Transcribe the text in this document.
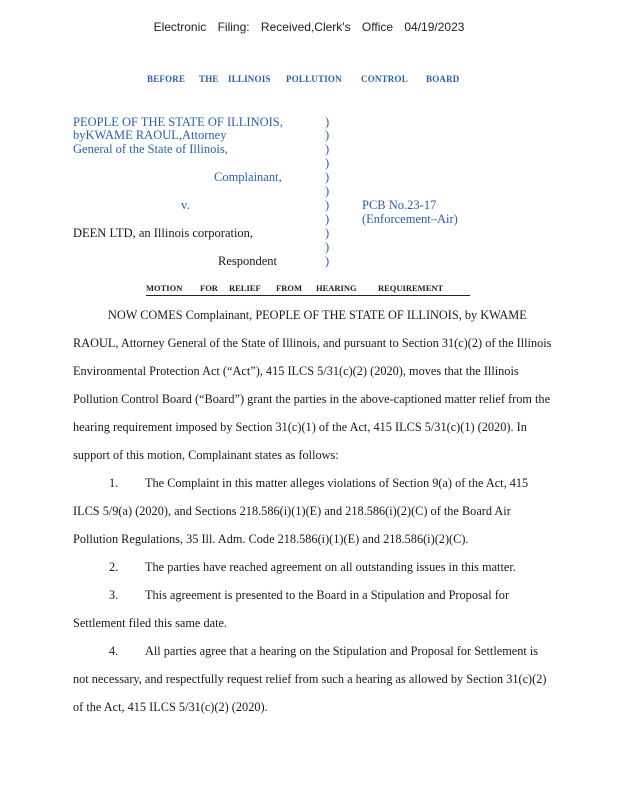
Electronic Filing: Received,Clerk's Office 04/19/2023
BEFORE THE ILLINOIS POLLUTION CONTROL BOARD
PEOPLE OF THE STATE OF ILLINOIS,
byKWAME RAOUL,Attorney
General of the State of Illinois,
Complainant,
v.
DEEN LTD, an Illinois corporation,
Respondent
)
)
)
)
)
)
)
)
)
)
)
PCB No.23-17
(Enforcement–Air)
MOTION FOR RELIEF FROM HEARING	REQUIREMENT
NOW COMES Complainant, PEOPLE OF THE STATE OF ILLINOIS, by KWAME
RAOUL, Attorney General of the State of Illinois, and pursuant to Section 31(c)(2) of the Illinois
Environmental Protection Act (“Act”), 415 ILCS 5/31(c)(2) (2020), moves that the Illinois
Pollution Control Board (“Board”) grant the parties in the above-captioned matter relief from the
hearing requirement imposed by Section 31(c)(1) of the Act, 415 ILCS 5/31(c)(1) (2020). In
support of this motion, Complainant states as follows:
1. The Complaint in this matter alleges violations of Section 9(a) of the Act, 415
ILCS 5/9(a) (2020), and Sections 218.586(i)(1)(E) and 218.586(i)(2)(C) of the Board Air
Pollution Regulations, 35 Ill. Adm. Code 218.586(i)(1)(E) and 218.586(i)(2)(C).
2. The parties have reached agreement on all outstanding issues in this matter.
3. This agreement is presented to the Board in a Stipulation and Proposal for
Settlement filed this same date.
4. All parties agree that a hearing on the Stipulation and Proposal for Settlement is
not necessary, and respectfully request relief from such a hearing as allowed by Section 31(c)(2)
of the Act, 415 ILCS 5/31(c)(2) (2020).
